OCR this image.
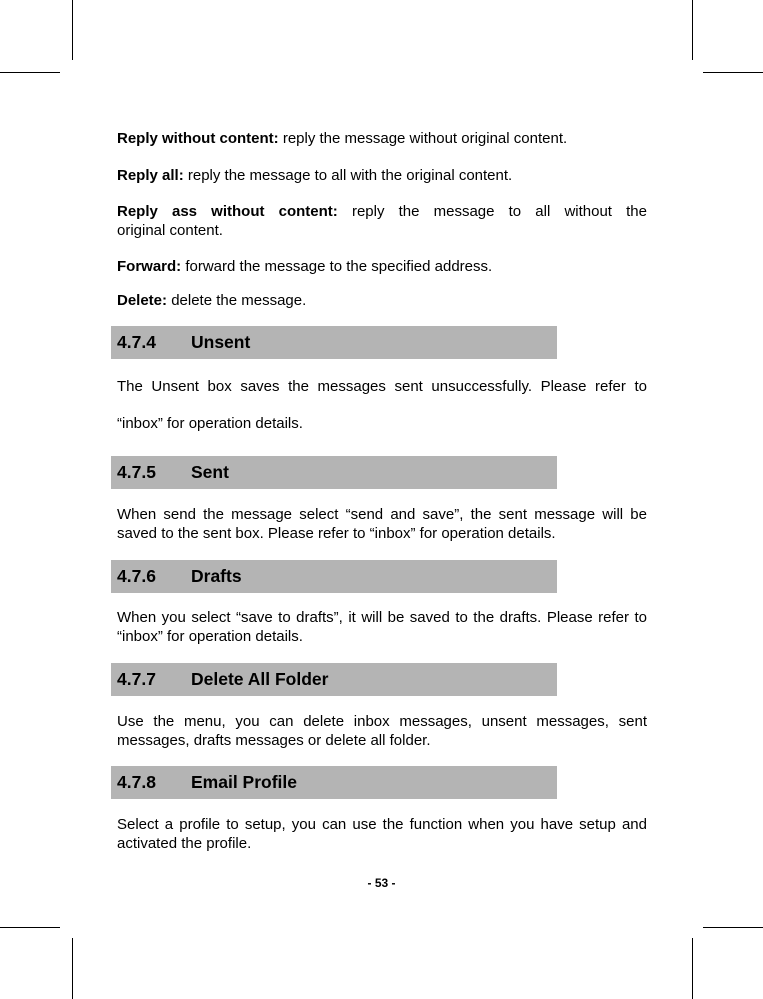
Reply without content: reply the message without original content.
Reply all: reply the message to all with the original content.
Reply ass without content: reply the message to all without the
original content.
Forward: forward the message to the specified address.
Delete: delete the message.
4.7.4 Unsent
The Unsent box saves the messages sent unsuccessfully. Please refer to “inbox” for operation details.
4.7.5 Sent
When send the message select “send and save”, the sent message will be saved to the sent box. Please refer to “inbox” for operation details.
4.7.6 Drafts
When you select “save to drafts”, it will be saved to the drafts. Please refer to “inbox” for operation details.
4.7.7 Delete All Folder
Use the menu, you can delete inbox messages, unsent messages, sent messages, drafts messages or delete all folder.
4.7.8 Email Profile
Select a profile to setup, you can use the function when you have setup and activated the profile.
- 53 -
